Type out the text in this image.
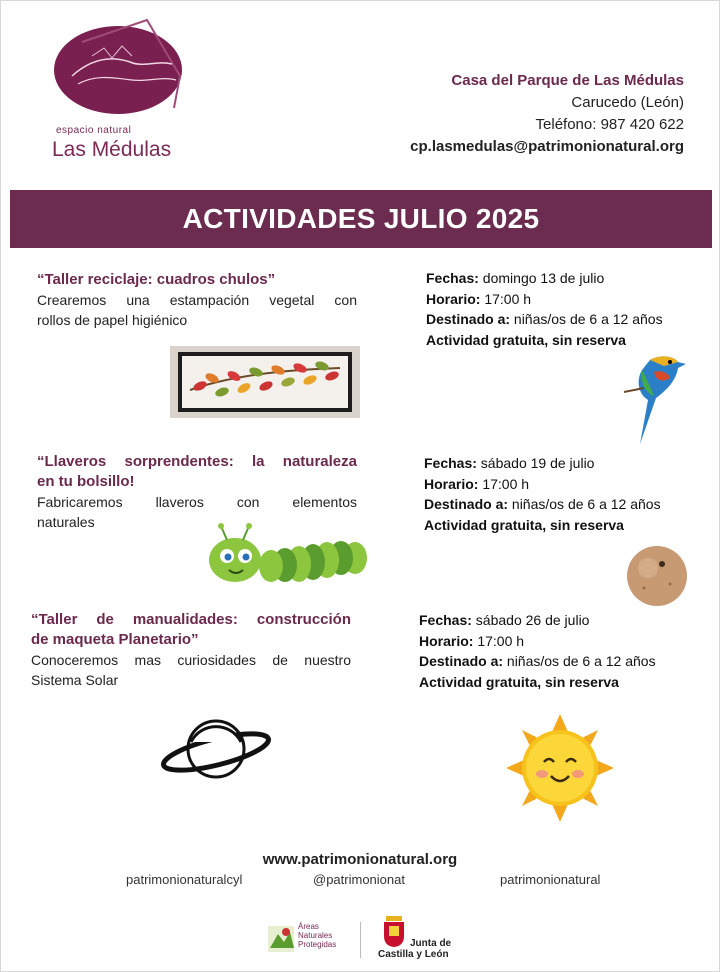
espacio natural
Las Médulas
Casa del Parque de Las Médulas
Carucedo (León)
Teléfono: 987 420 622
cp.lasmedulas@patrimonionatural.org
ACTIVIDADES JULIO 2025
“Taller reciclaje: cuadros chulos”
Crearemos una estampación vegetal con
rollos de papel higiénico
Fechas: domingo 13 de julio
Horario: 17:00 h
Destinado a: niñas/os de 6 a 12 años
Actividad gratuita, sin reserva
“Llaveros sorprendentes: la naturaleza
en tu bolsillo!
Fabricaremos llaveros con elementos
naturales
Fechas: sábado 19 de julio
Horario: 17:00 h
Destinado a: niñas/os de 6 a 12 años
Actividad gratuita, sin reserva
“Taller de manualidades: construcción
de maqueta Planetario”
Conoceremos mas curiosidades de nuestro
Sistema Solar
Fechas: sábado 26 de julio
Horario: 17:00 h
Destinado a: niñas/os de 6 a 12 años
Actividad gratuita, sin reserva
www.patrimonionatural.org
patrimonionaturalcyl	@patrimonionat	patrimonionatural
Áreas
Naturales
Protegidas	Junta de
Castilla y León
